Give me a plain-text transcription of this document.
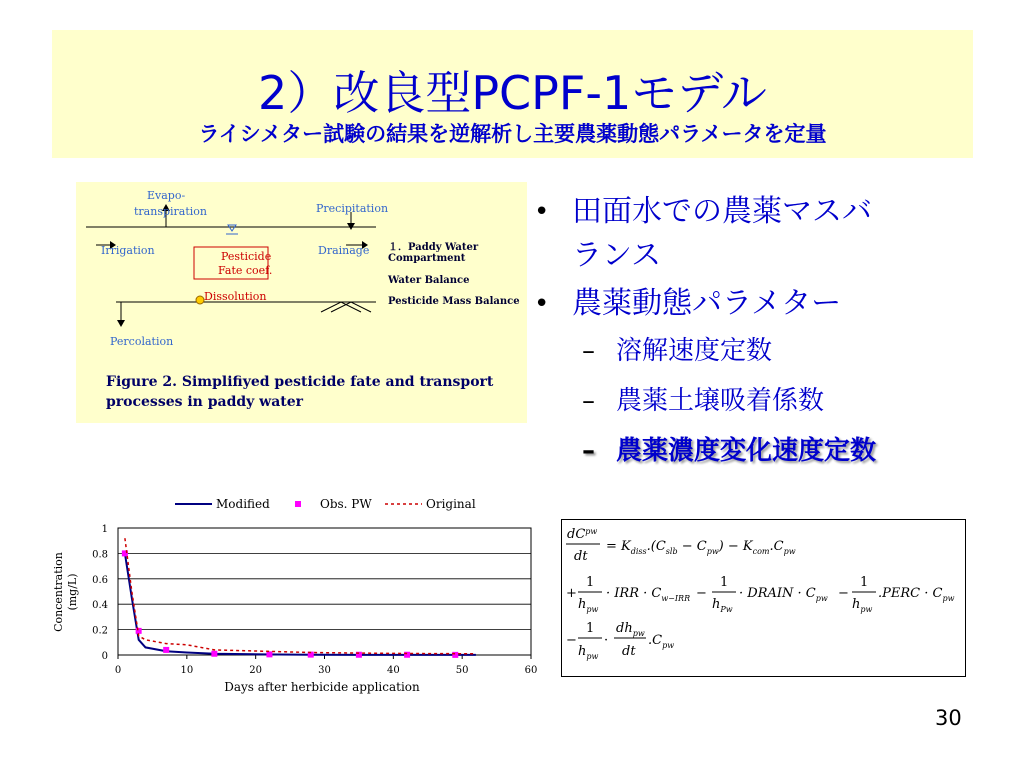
2）改良型PCPF-1モデル
ライシメター試験の結果を逆解析し主要農薬動態パラメータを定量
Evapo-
transpiration	Precipitation
Irrigation	Drainage
Pesticide
Fate coef.
Dissolution
Percolation
１．Paddy Water
Compartment
Water Balance
Pesticide Mass Balance
Figure 2. Simplifiyed pesticide fate and transport
processes in paddy water
• 田面水での農薬マスバ
ランス
• 農薬動態パラメター
– 溶解速度定数
– 農薬土壌吸着係数
– 農薬濃度変化速度定数
0
0.2
0.4
0.6
0.8
1
0	10	20	30	40	50	60
Modified	Obs. PW	Original
Concentration (mg/L)
Days after herbicide application
$dC^{pw}$
dt
= $K_{diss}.(C_{slb} - C_{pw}) - K_{com}.C_{pw}$
+
1
$h_{pw}$
· IRR · $C_{w-IRR}$ −
1
$h_{Pw}$
· DRAIN · $C_{pw}$ −
1
$h_{pw}$
.PERC · $C_{pw}$
−
1
$h_{pw}$
·
$dh_{pw}$
dt
$.C_{pw}$
30
